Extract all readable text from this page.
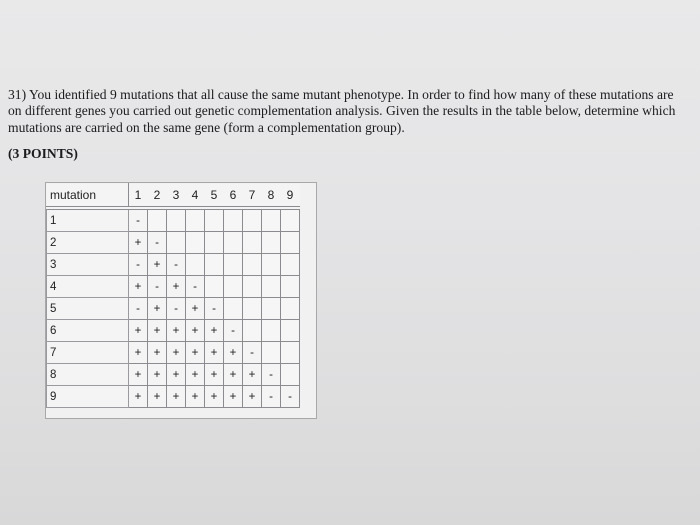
31) You identified 9 mutations that all cause the same mutant phenotype. In order to find how many of these mutations are on different genes you carried out genetic complementation analysis. Given the results in the table below, determine which mutations are carried on the same gene (form a complementation group).

(3 POINTS)
mutation	1	2	3	4	5	6	7	8	9

1	-								
2	+	-							
3	-	+	-						
4	+	-	+	-					
5	-	+	-	+	-				
6	+	+	+	+	+	-			
7	+	+	+	+	+	+	-		
8	+	+	+	+	+	+	+	-	
9	+	+	+	+	+	+	+	-	-
